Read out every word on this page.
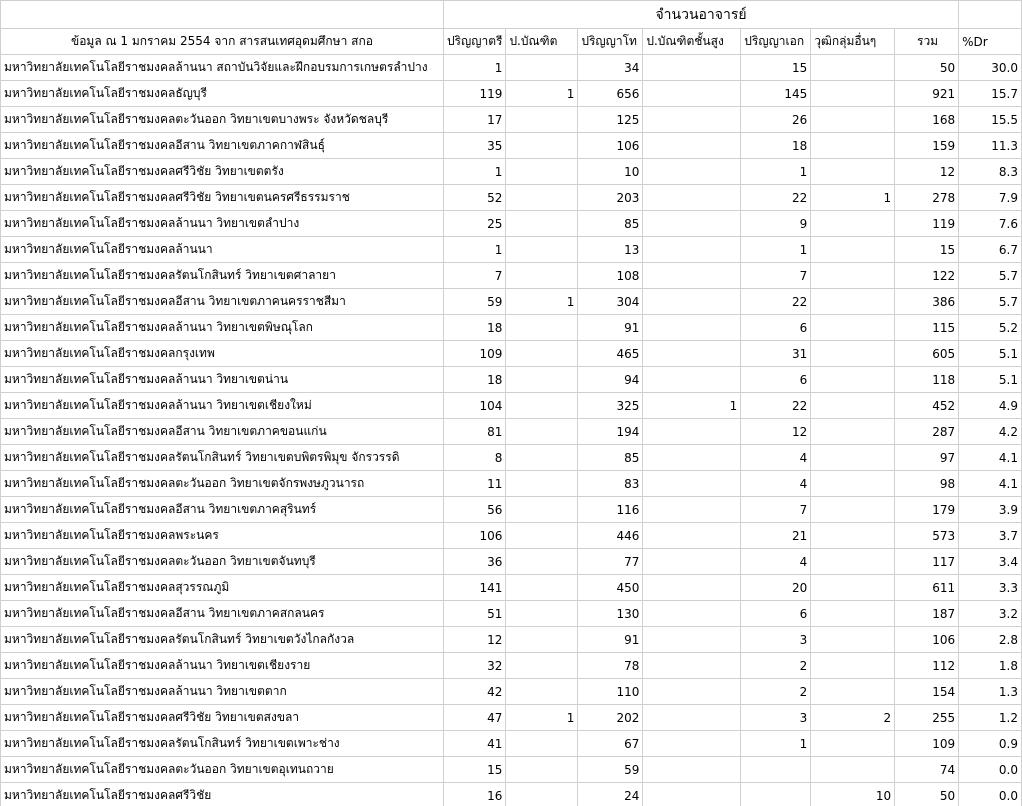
	จำนวนอาจารย์							
ข้อมูล ณ 1 มกราคม 2554 จาก สารสนเทศอุดมศึกษา สกอ	ปริญญาตรี	ป.บัณฑิต	ปริญญาโท	ป.บัณฑิตชั้นสูง	ปริญญาเอก	วุฒิกลุ่มอื่นๆ	รวม	%Dr
มหาวิทยาลัยเทคโนโลยีราชมงคลล้านนา สถาบันวิจัยและฝึกอบรมการเกษตรลำปาง	1		34		15		50	30.0
มหาวิทยาลัยเทคโนโลยีราชมงคลธัญบุรี	119	1	656		145		921	15.7
มหาวิทยาลัยเทคโนโลยีราชมงคลตะวันออก วิทยาเขตบางพระ จังหวัดชลบุรี	17		125		26		168	15.5
มหาวิทยาลัยเทคโนโลยีราชมงคลอีสาน วิทยาเขตภาคกาฬสินธุ์	35		106		18		159	11.3
มหาวิทยาลัยเทคโนโลยีราชมงคลศรีวิชัย วิทยาเขตตรัง	1		10		1		12	8.3
มหาวิทยาลัยเทคโนโลยีราชมงคลศรีวิชัย วิทยาเขตนครศรีธรรมราช	52		203		22	1	278	7.9
มหาวิทยาลัยเทคโนโลยีราชมงคลล้านนา วิทยาเขตลำปาง	25		85		9		119	7.6
มหาวิทยาลัยเทคโนโลยีราชมงคลล้านนา	1		13		1		15	6.7
มหาวิทยาลัยเทคโนโลยีราชมงคลรัตนโกสินทร์ วิทยาเขตศาลายา	7		108		7		122	5.7
มหาวิทยาลัยเทคโนโลยีราชมงคลอีสาน วิทยาเขตภาคนครราชสีมา	59	1	304		22		386	5.7
มหาวิทยาลัยเทคโนโลยีราชมงคลล้านนา วิทยาเขตพิษณุโลก	18		91		6		115	5.2
มหาวิทยาลัยเทคโนโลยีราชมงคลกรุงเทพ	109		465		31		605	5.1
มหาวิทยาลัยเทคโนโลยีราชมงคลล้านนา วิทยาเขตน่าน	18		94		6		118	5.1
มหาวิทยาลัยเทคโนโลยีราชมงคลล้านนา วิทยาเขตเชียงใหม่	104		325	1	22		452	4.9
มหาวิทยาลัยเทคโนโลยีราชมงคลอีสาน วิทยาเขตภาคขอนแก่น	81		194		12		287	4.2
มหาวิทยาลัยเทคโนโลยีราชมงคลรัตนโกสินทร์ วิทยาเขตบพิตรพิมุข จักรวรรดิ	8		85		4		97	4.1
มหาวิทยาลัยเทคโนโลยีราชมงคลตะวันออก วิทยาเขตจักรพงษภูวนารถ	11		83		4		98	4.1
มหาวิทยาลัยเทคโนโลยีราชมงคลอีสาน วิทยาเขตภาคสุรินทร์	56		116		7		179	3.9
มหาวิทยาลัยเทคโนโลยีราชมงคลพระนคร	106		446		21		573	3.7
มหาวิทยาลัยเทคโนโลยีราชมงคลตะวันออก วิทยาเขตจันทบุรี	36		77		4		117	3.4
มหาวิทยาลัยเทคโนโลยีราชมงคลสุวรรณภูมิ	141		450		20		611	3.3
มหาวิทยาลัยเทคโนโลยีราชมงคลอีสาน วิทยาเขตภาคสกลนคร	51		130		6		187	3.2
มหาวิทยาลัยเทคโนโลยีราชมงคลรัตนโกสินทร์ วิทยาเขตวังไกลกังวล	12		91		3		106	2.8
มหาวิทยาลัยเทคโนโลยีราชมงคลล้านนา วิทยาเขตเชียงราย	32		78		2		112	1.8
มหาวิทยาลัยเทคโนโลยีราชมงคลล้านนา วิทยาเขตตาก	42		110		2		154	1.3
มหาวิทยาลัยเทคโนโลยีราชมงคลศรีวิชัย วิทยาเขตสงขลา	47	1	202		3	2	255	1.2
มหาวิทยาลัยเทคโนโลยีราชมงคลรัตนโกสินทร์ วิทยาเขตเพาะช่าง	41		67		1		109	0.9
มหาวิทยาลัยเทคโนโลยีราชมงคลตะวันออก วิทยาเขตอุเทนถวาย	15		59				74	0.0
มหาวิทยาลัยเทคโนโลยีราชมงคลศรีวิชัย	16		24			10	50	0.0
